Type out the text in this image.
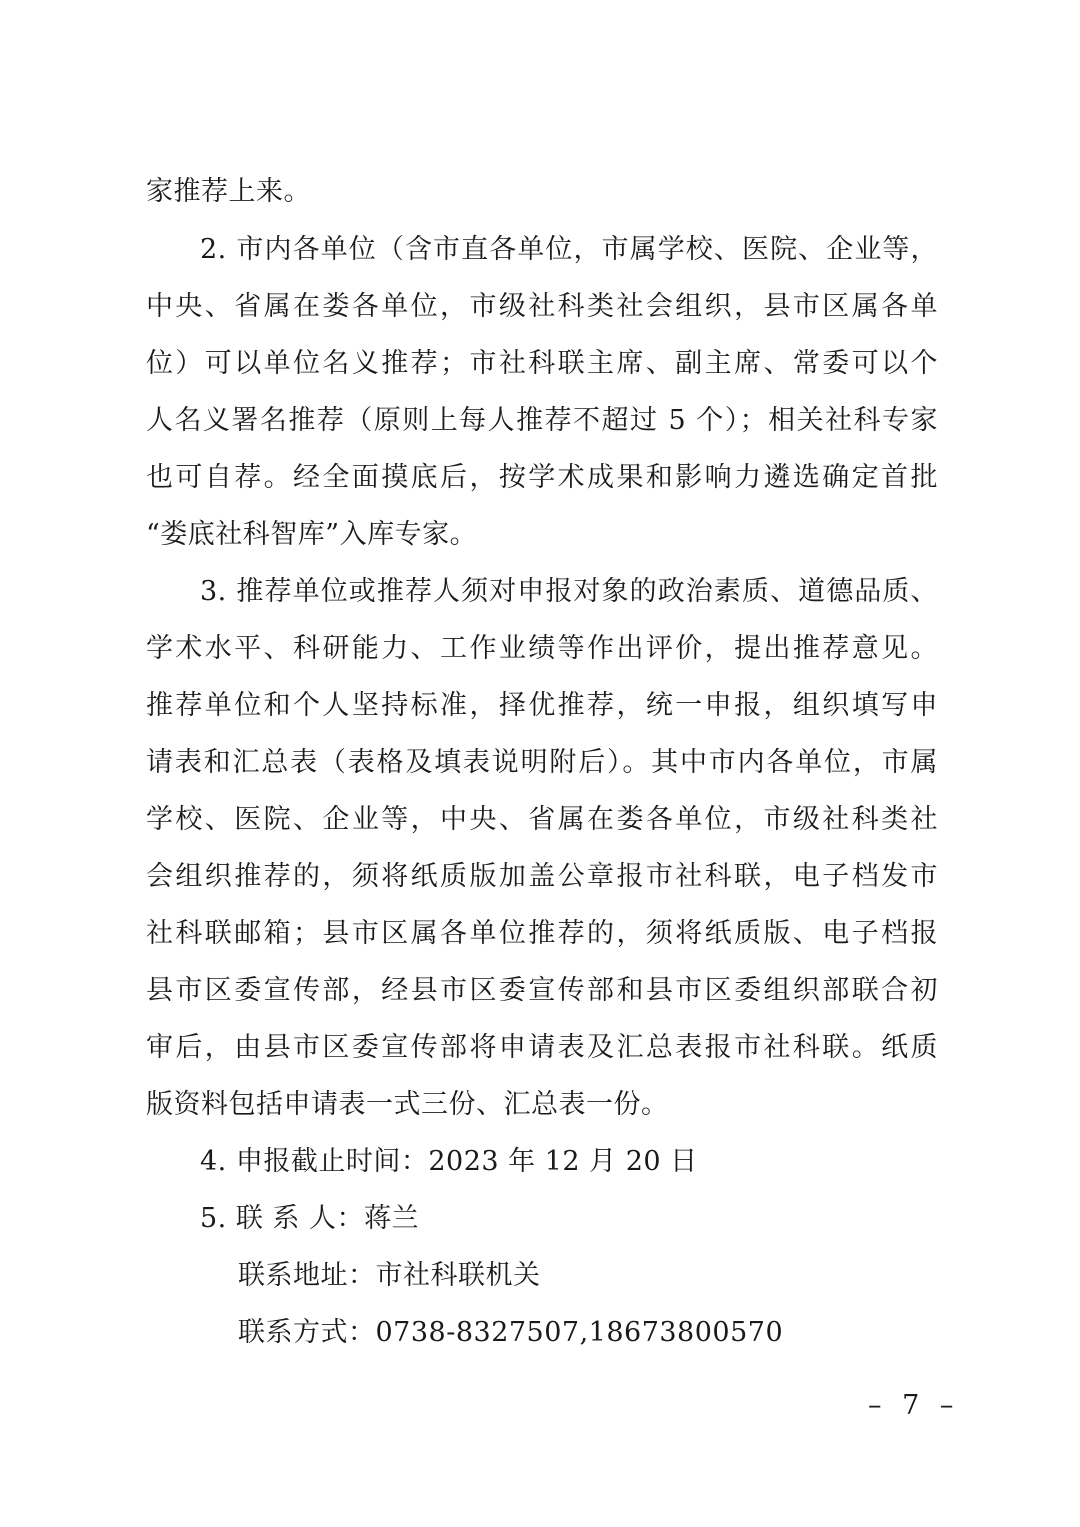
家推荐上来。
2. 市内各单位（含市直各单位，市属学校、医院、企业等，
中央、省属在娄各单位，市级社科类社会组织，县市区属各单
位）可以单位名义推荐；市社科联主席、副主席、常委可以个
人名义署名推荐（原则上每人推荐不超过 5 个）；相关社科专家
也可自荐。经全面摸底后，按学术成果和影响力遴选确定首批
“娄底社科智库”入库专家。
3. 推荐单位或推荐人须对申报对象的政治素质、道德品质、
学术水平、科研能力、工作业绩等作出评价，提出推荐意见。
推荐单位和个人坚持标准，择优推荐，统一申报，组织填写申
请表和汇总表（表格及填表说明附后）。其中市内各单位，市属
学校、医院、企业等，中央、省属在娄各单位，市级社科类社
会组织推荐的，须将纸质版加盖公章报市社科联，电子档发市
社科联邮箱；县市区属各单位推荐的，须将纸质版、电子档报
县市区委宣传部，经县市区委宣传部和县市区委组织部联合初
审后，由县市区委宣传部将申请表及汇总表报市社科联。纸质
版资料包括申请表一式三份、汇总表一份。
4. 申报截止时间：2023 年 12 月 20 日
5. 联 系 人：蒋兰
联系地址：市社科联机关
联系方式：0738-8327507,18673800570
– 7 –
